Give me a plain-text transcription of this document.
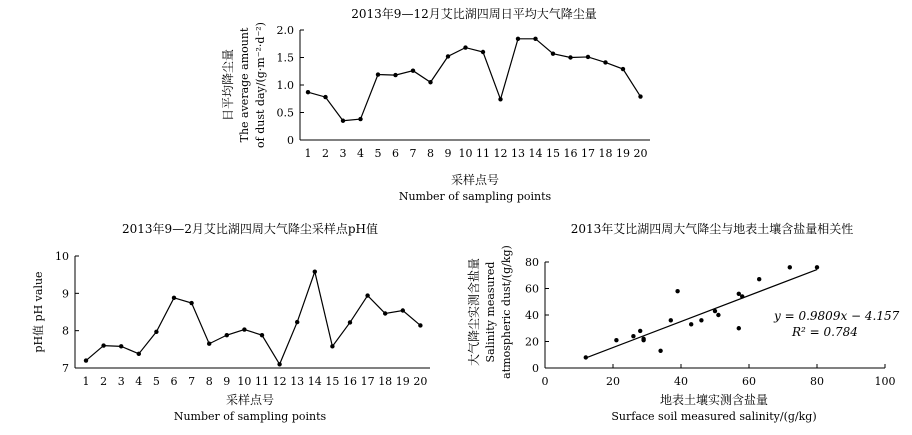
2013年9—12月艾比湖四周日平均大气降尘量
0
0.5
1.0
1.5
2.0
1 2 3 4 5 6 7 8 9 10 11 12 13 14 15 16 17 18 19 20
采样点号
Number of sampling points
日平均降尘量 The average amount of dust day/(g·m⁻²·d⁻²)
2013年9—2月艾比湖四周大气降尘采样点pH值
7
8
9
10
1 2 3 4 5 6 7 8 9 10 11 12 13 14 15 16 17 18 19 20
采样点号
Number of sampling points
pH值 pH value
2013年艾比湖四周大气降尘与地表土壤含盐量相关性
0
20
40
60
80
0	20	40	60	80	100
y = 0.9809x − 4.157
R² = 0.784
地表土壤实测含盐量
Surface soil measured salinity/(g/kg)
大气降尘实测含盐量 Salinity measured atmospheric dust/(g/kg)
